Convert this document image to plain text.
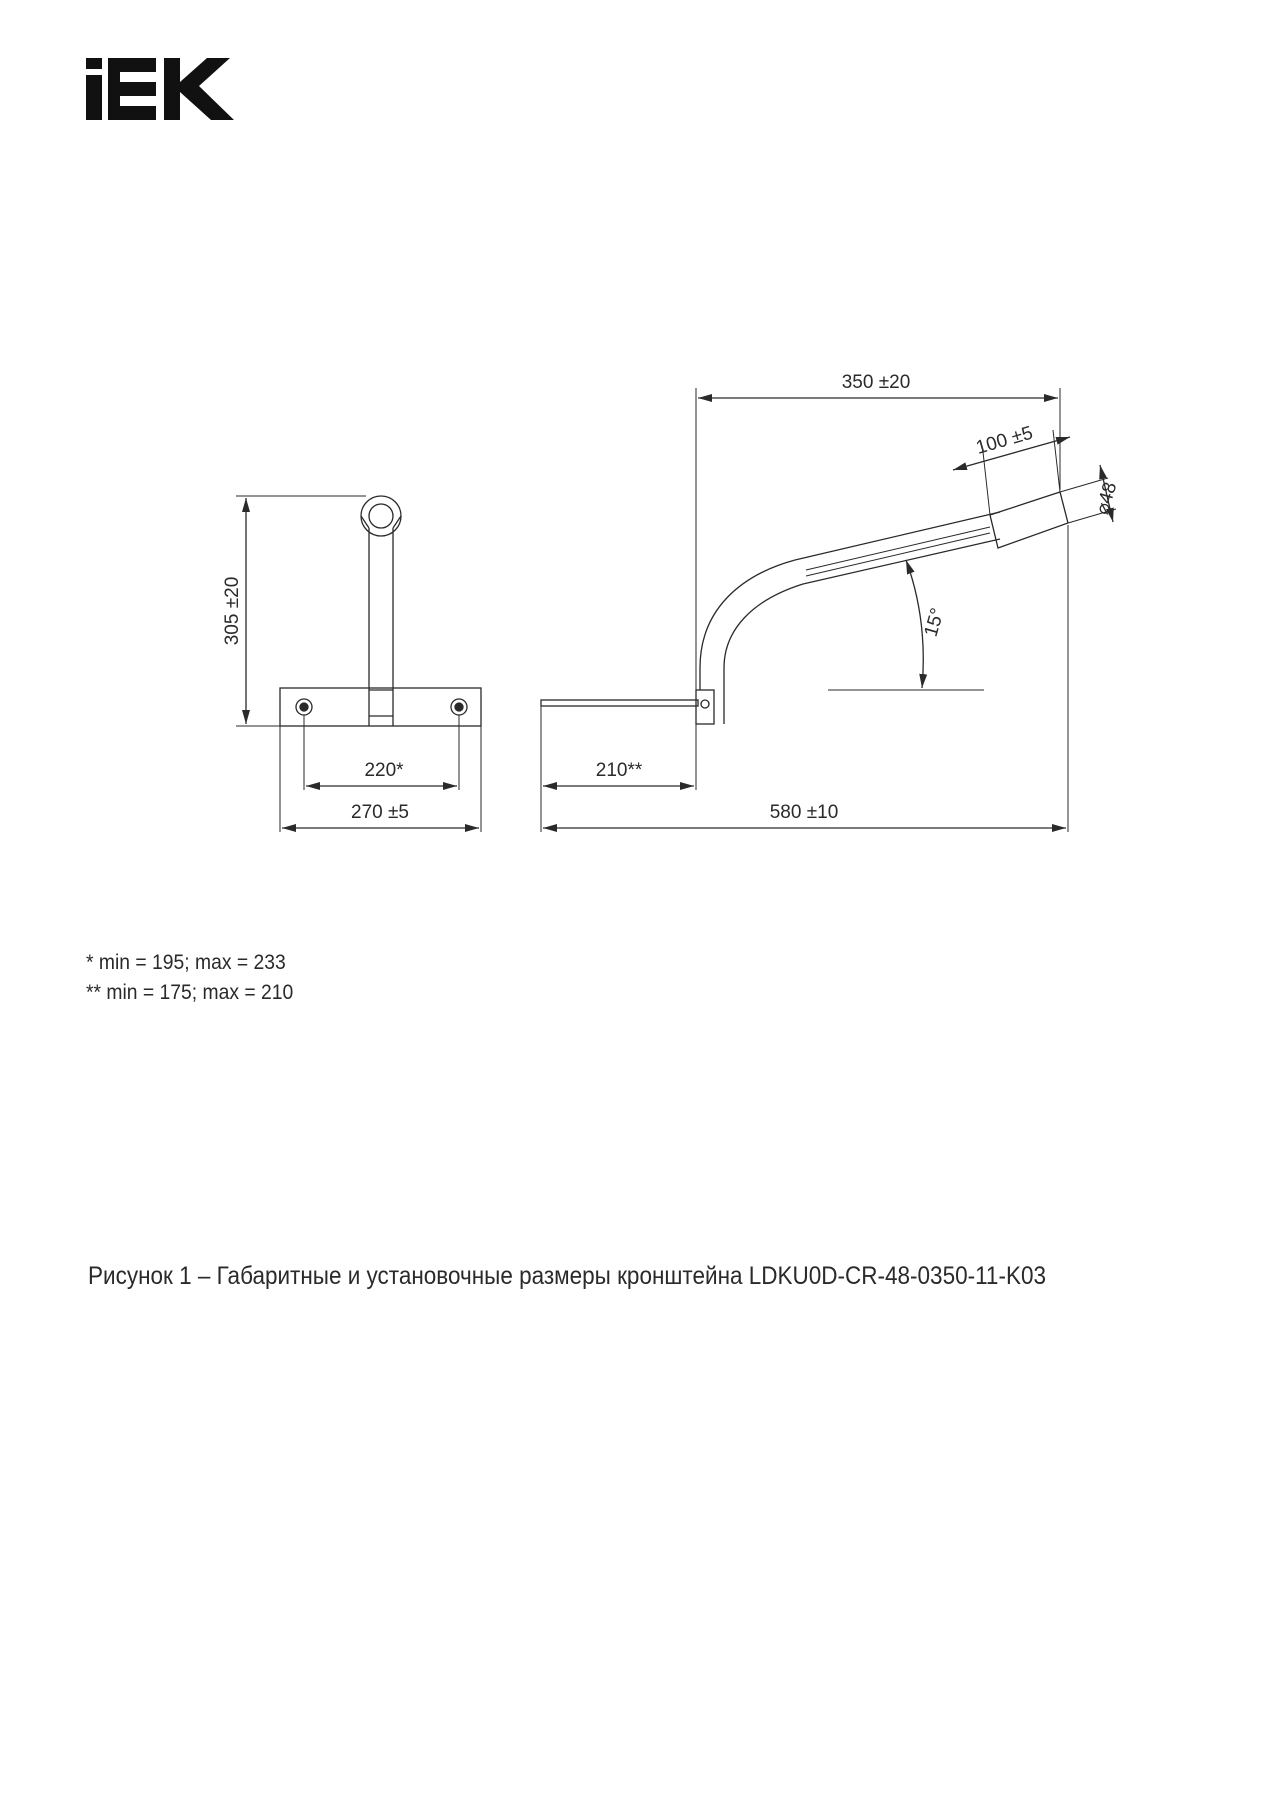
305 ±20
220*
270 ±5
350 ±20
100 ±5
⌀48
15°
210**
580 ±10
* min = 195; max = 233
** min = 175; max = 210
Рисунок 1 – Габаритные и установочные размеры кронштейна LDKU0D-CR-48-0350-11-K03
